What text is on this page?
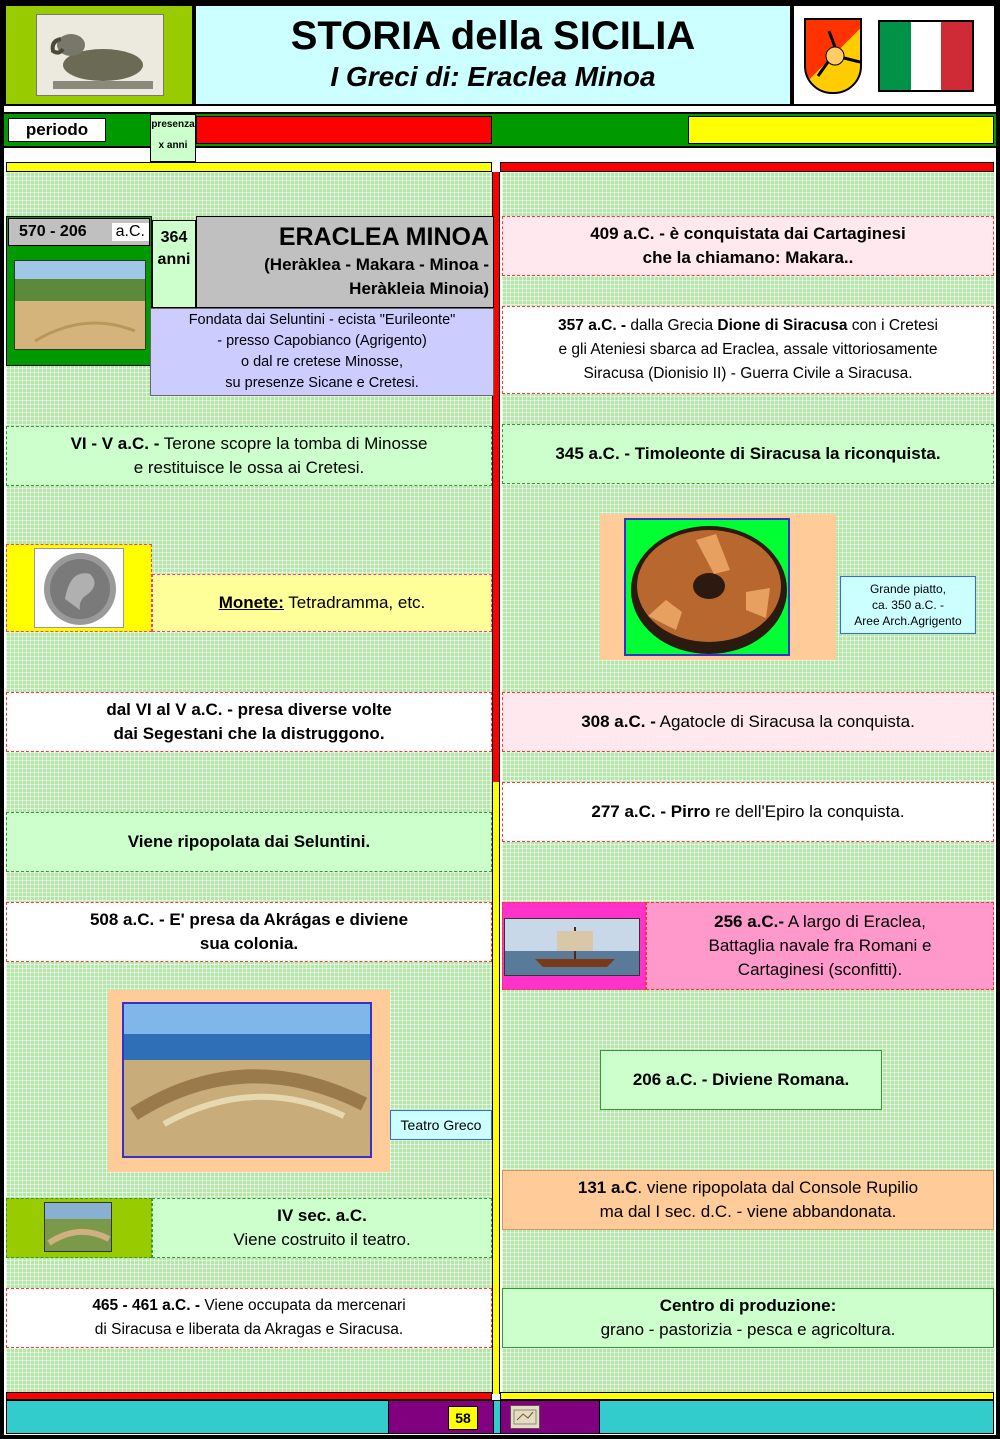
STORIA della SICILIA
I Greci di: Eraclea Minoa
periodo	presenza
x anni
570 - 206	a.C. 364
anni
ERACLEA MINOA
(Heràklea - Makara - Minoa -
Heràkleia Minoia)
Fondata dai Seluntini - ecista "Eurileonte"
- presso Capobianco (Agrigento)
o dal re cretese Minosse,
su presenze Sicane e Cretesi.
VI - V a.C. - Terone scopre la tomba di Minosse
e restituisce le ossa ai Cretesi.
Monete: Tetradramma, etc.
dal VI al V a.C. - presa diverse volte
dai Segestani che la distruggono.
Viene ripopolata dai Seluntini.
508 a.C. - E' presa da Akrágas e diviene
sua colonia.
Teatro Greco
IV sec. a.C.
Viene costruito il teatro.
465 - 461 a.C. - Viene occupata da mercenari
di Siracusa e liberata da Akragas e Siracusa.
409 a.C. - è conquistata dai Cartaginesi
che la chiamano: Makara..
357 a.C. - dalla Grecia Dione di Siracusa con i Cretesi
e gli Ateniesi sbarca ad Eraclea, assale vittoriosamente
Siracusa (Dionisio II) - Guerra Civile a Siracusa.
345 a.C. - Timoleonte di Siracusa la riconquista.
Grande piatto,
ca. 350 a.C. -
Aree Arch.Agrigento
308 a.C. - Agatocle di Siracusa la conquista.
277 a.C. - Pirro re dell'Epiro la conquista.
256 a.C.- A largo di Eraclea,
Battaglia navale fra Romani e
Cartaginesi (sconfitti).
206 a.C. - Diviene Romana.
131 a.C. viene ripopolata dal Console Rupilio
ma dal I sec. d.C. - viene abbandonata.
Centro di produzione:
grano - pastorizia - pesca e agricoltura.
58
